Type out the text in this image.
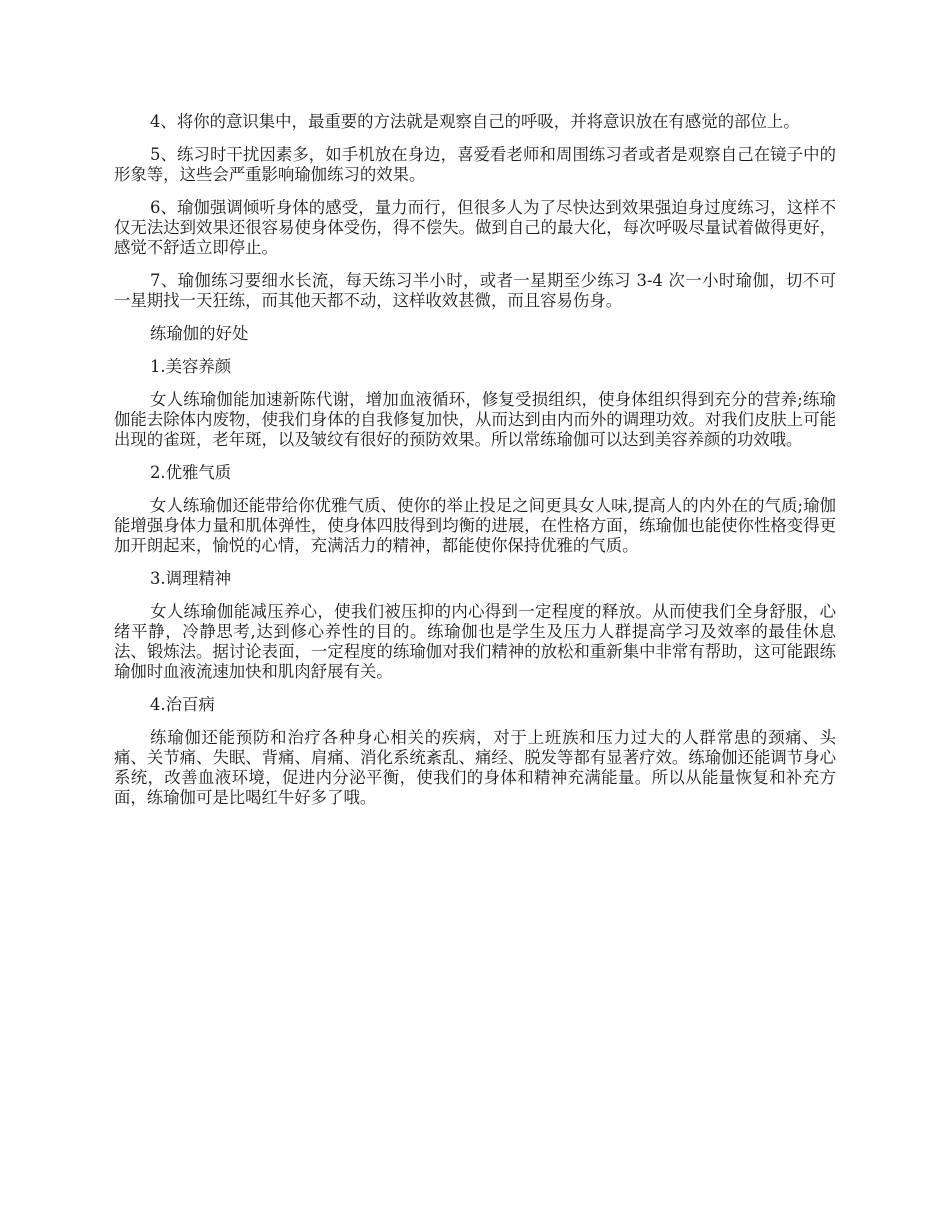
4、将你的意识集中，最重要的方法就是观察自己的呼吸，并将意识放在有感觉的部位上。

5、练习时干扰因素多，如手机放在身边，喜爱看老师和周围练习者或者是观察自己在镜子中的形象等，这些会严重影响瑜伽练习的效果。

6、瑜伽强调倾听身体的感受，量力而行，但很多人为了尽快达到效果强迫身过度练习，这样不仅无法达到效果还很容易使身体受伤，得不偿失。做到自己的最大化，每次呼吸尽量试着做得更好，感觉不舒适立即停止。

7、瑜伽练习要细水长流，每天练习半小时，或者一星期至少练习 3-4 次一小时瑜伽，切不可一星期找一天狂练，而其他天都不动，这样收效甚微，而且容易伤身。

练瑜伽的好处

1.美容养颜

女人练瑜伽能加速新陈代谢，增加血液循环，修复受损组织，使身体组织得到充分的营养;练瑜伽能去除体内废物，使我们身体的自我修复加快，从而达到由内而外的调理功效。对我们皮肤上可能出现的雀斑，老年斑，以及皱纹有很好的预防效果。所以常练瑜伽可以达到美容养颜的功效哦。

2.优雅气质

女人练瑜伽还能带给你优雅气质、使你的举止投足之间更具女人味,提高人的内外在的气质;瑜伽能增强身体力量和肌体弹性，使身体四肢得到均衡的进展，在性格方面，练瑜伽也能使你性格变得更加开朗起来，愉悦的心情，充满活力的精神，都能使你保持优雅的气质。

3.调理精神

女人练瑜伽能减压养心，使我们被压抑的内心得到一定程度的释放。从而使我们全身舒服，心绪平静，冷静思考,达到修心养性的目的。练瑜伽也是学生及压力人群提高学习及效率的最佳休息法、锻炼法。据讨论表面，一定程度的练瑜伽对我们精神的放松和重新集中非常有帮助，这可能跟练瑜伽时血液流速加快和肌肉舒展有关。

4.治百病

练瑜伽还能预防和治疗各种身心相关的疾病，对于上班族和压力过大的人群常患的颈痛、头痛、关节痛、失眠、背痛、肩痛、消化系统紊乱、痛经、脱发等都有显著疗效。练瑜伽还能调节身心系统，改善血液环境，促进内分泌平衡，使我们的身体和精神充满能量。所以从能量恢复和补充方面，练瑜伽可是比喝红牛好多了哦。
